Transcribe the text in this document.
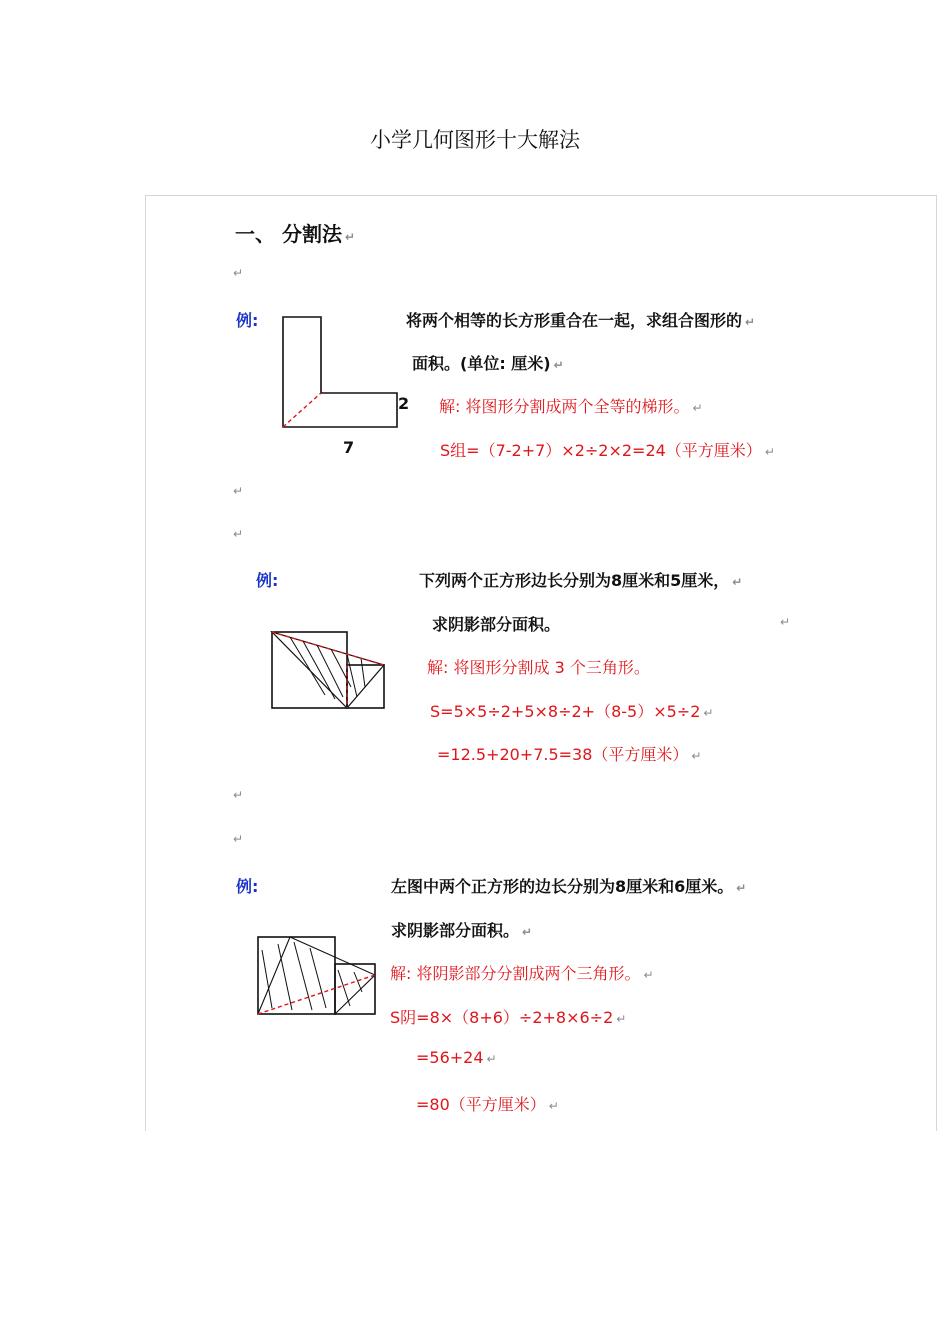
小学几何图形十大解法
一、 分割法 ↵
↵
例:
2
7
将两个相等的长方形重合在一起，求组合图形的 ↵
面积。(单位: 厘米) ↵
解: 将图形分割成两个全等的梯形。 ↵
S组=（7-2+7）×2÷2×2=24（平方厘米） ↵
↵
↵
例:	下列两个正方形边长分别为8厘米和5厘米， ↵
求阴影部分面积。	↵
解: 将图形分割成 3 个三角形。
S=5×5÷2+5×8÷2+（8-5）×5÷2 ↵
=12.5+20+7.5=38（平方厘米） ↵
↵
↵
例:	左图中两个正方形的边长分别为8厘米和6厘米。 ↵
求阴影部分面积。 ↵
解: 将阴影部分分割成两个三角形。 ↵
S阴=8×（8+6）÷2+8×6÷2 ↵
=56+24 ↵
=80（平方厘米） ↵
